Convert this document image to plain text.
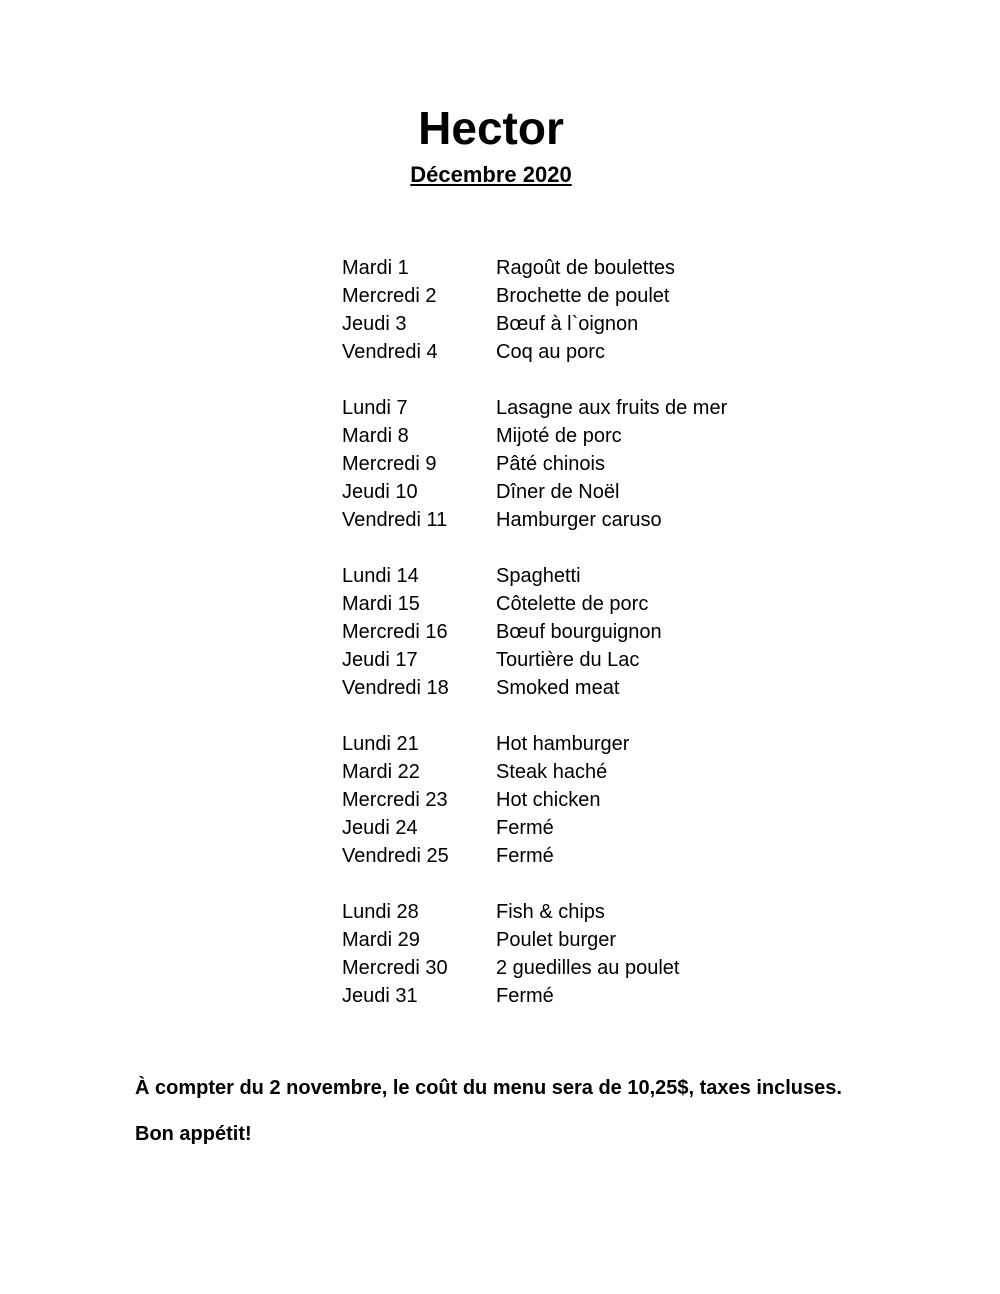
Hector
Décembre 2020
Mardi 1	Ragoût de boulettes
Mercredi 2	Brochette de poulet
Jeudi 3	Bœuf à l`oignon
Vendredi 4	Coq au porc
Lundi 7	Lasagne aux fruits de mer
Mardi 8	Mijoté de porc
Mercredi 9	Pâté chinois
Jeudi 10	Dîner de Noël
Vendredi 11	Hamburger caruso
Lundi 14	Spaghetti
Mardi 15	Côtelette de porc
Mercredi 16	Bœuf bourguignon
Jeudi 17	Tourtière du Lac
Vendredi 18	Smoked meat
Lundi 21	Hot hamburger
Mardi 22	Steak haché
Mercredi 23	Hot chicken
Jeudi 24	Fermé
Vendredi 25	Fermé
Lundi 28	Fish & chips
Mardi 29	Poulet burger
Mercredi 30	2 guedilles au poulet
Jeudi 31	Fermé

À compter du 2 novembre, le coût du menu sera de 10,25$, taxes incluses.

Bon appétit!
